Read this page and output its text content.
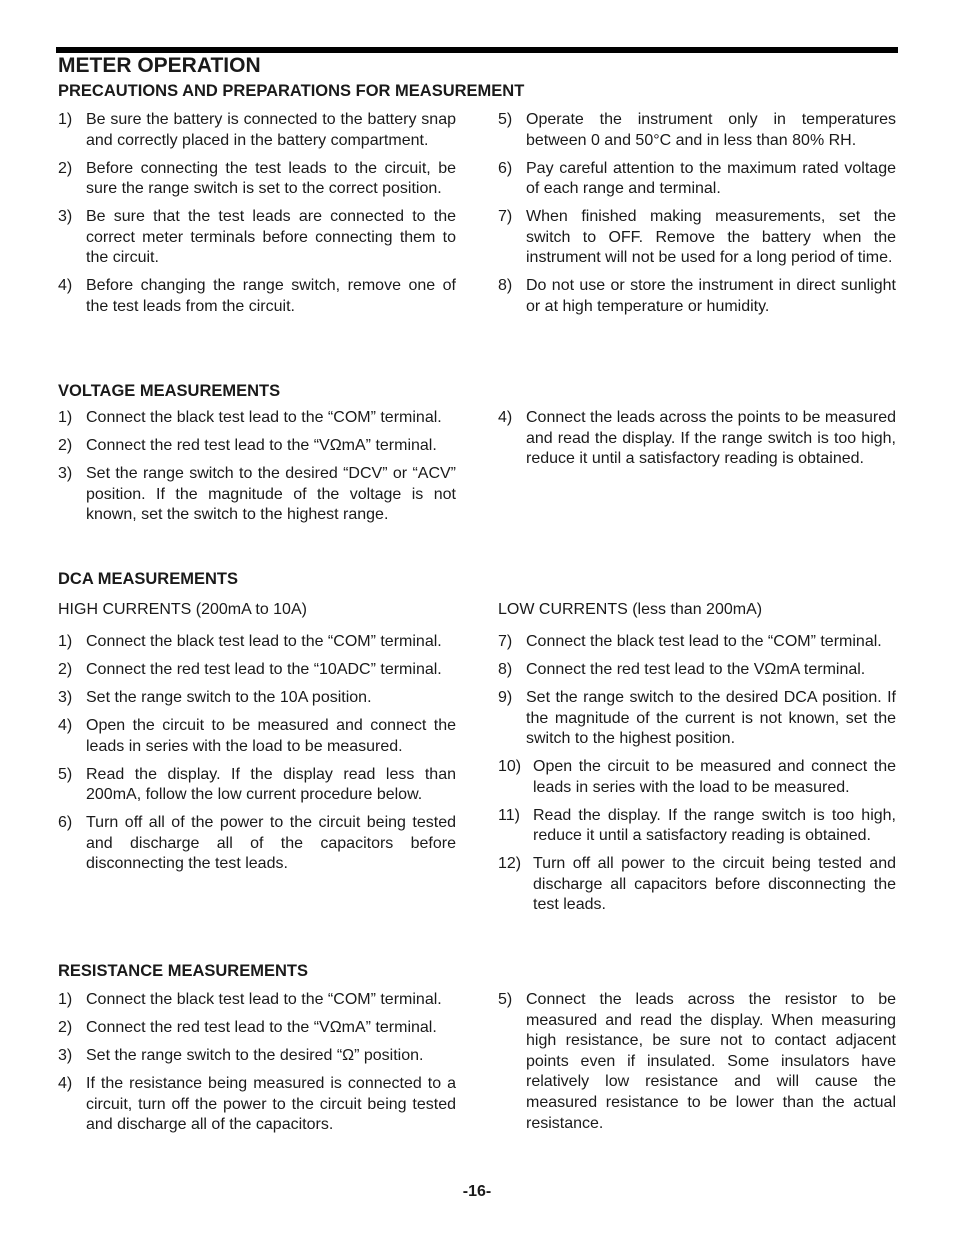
METER OPERATION
PRECAUTIONS AND PREPARATIONS FOR MEASUREMENT
1) Be sure the battery is connected to the battery snap and correctly placed in the battery compartment.
2) Before connecting the test leads to the circuit, be sure the range switch is set to the correct position.
3) Be sure that the test leads are connected to the correct meter terminals before connecting them to the circuit.
4) Before changing the range switch, remove one of the test leads from the circuit.
5) Operate the instrument only in temperatures between 0 and 50°C and in less than 80% RH.
6) Pay careful attention to the maximum rated voltage of each range and terminal.
7) When finished making measurements, set the switch to OFF. Remove the battery when the instrument will not be used for a long period of time.
8) Do not use or store the instrument in direct sunlight or at high temperature or humidity.
VOLTAGE MEASUREMENTS
1) Connect the black test lead to the “COM” terminal.
2) Connect the red test lead to the “VΩmA” terminal.
3) Set the range switch to the desired “DCV” or “ACV” position. If the magnitude of the voltage is not known, set the switch to the highest range.
4) Connect the leads across the points to be measured and read the display. If the range switch is too high, reduce it until a satisfactory reading is obtained.
DCA MEASUREMENTS

HIGH CURRENTS (200mA to 10A)

1) Connect the black test lead to the “COM” terminal.
2) Connect the red test lead to the “10ADC” terminal.
3) Set the range switch to the 10A position.
4) Open the circuit to be measured and connect the leads in series with the load to be measured.
5) Read the display. If the display read less than 200mA, follow the low current procedure below.
6) Turn off all of the power to the circuit being tested and discharge all of the capacitors before disconnecting the test leads.

LOW CURRENTS (less than 200mA)

7) Connect the black test lead to the “COM” terminal.
8) Connect the red test lead to the VΩmA terminal.
9) Set the range switch to the desired DCA position. If the magnitude of the current is not known, set the switch to the highest position.
10) Open the circuit to be measured and connect the leads in series with the load to be measured.
11) Read the display. If the range switch is too high, reduce it until a satisfactory reading is obtained.
12) Turn off all power to the circuit being tested and discharge all capacitors before disconnecting the test leads.
RESISTANCE MEASUREMENTS
1) Connect the black test lead to the “COM” terminal.
2) Connect the red test lead to the “VΩmA” terminal.
3) Set the range switch to the desired “Ω” position.
4) If the resistance being measured is connected to a circuit, turn off the power to the circuit being tested and discharge all of the capacitors.
5) Connect the leads across the resistor to be measured and read the display. When measuring high resistance, be sure not to contact adjacent points even if insulated. Some insulators have relatively low resistance and will cause the measured resistance to be lower than the actual resistance.
-16-
